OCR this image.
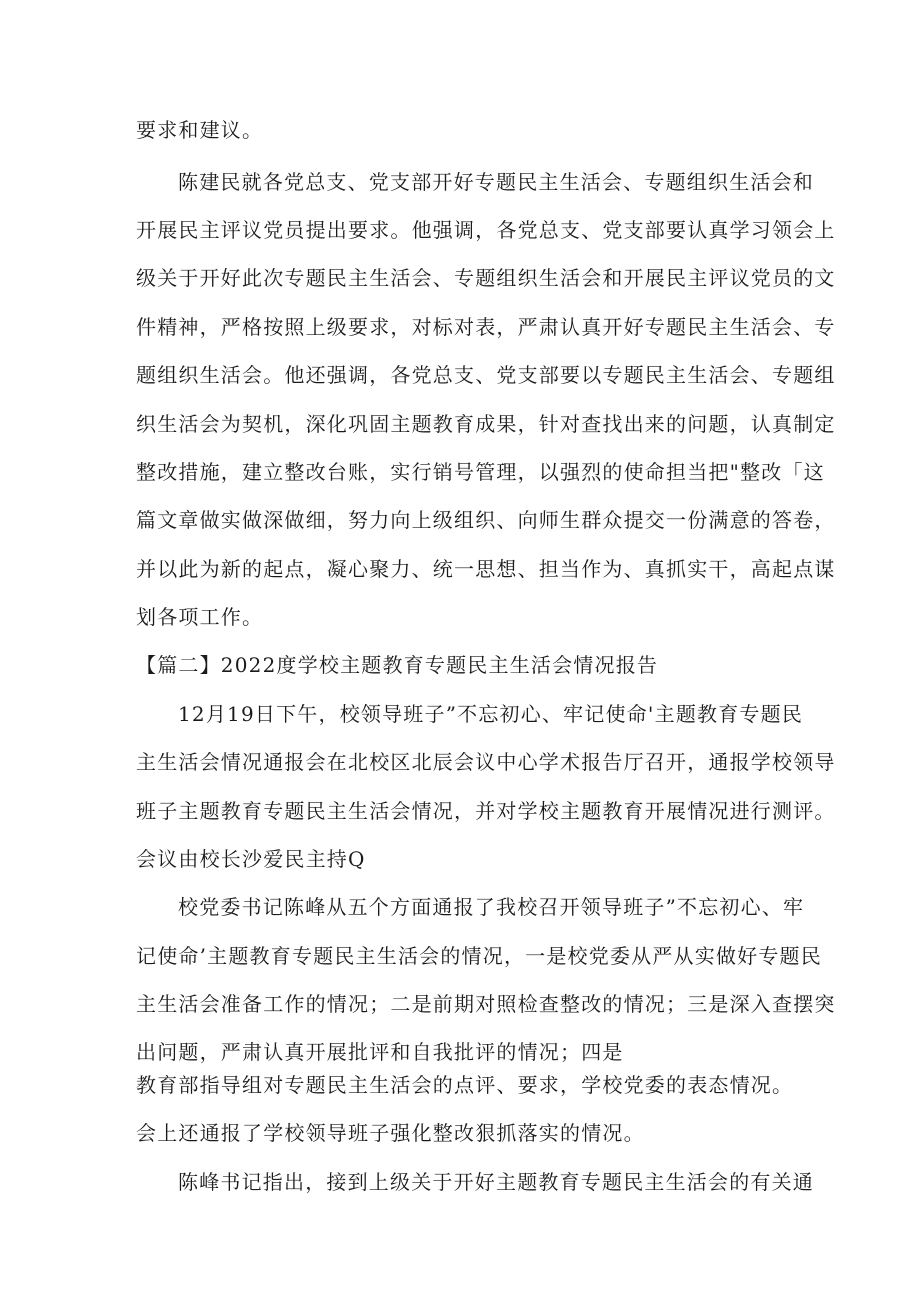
要求和建议。
陈建民就各党总支、党支部开好专题民主生活会、专题组织生活会和
开展民主评议党员提出要求。他强调，各党总支、党支部要认真学习领会上
级关于开好此次专题民主生活会、专题组织生活会和开展民主评议党员的文
件精神，严格按照上级要求，对标对表，严肃认真开好专题民主生活会、专
题组织生活会。他还强调，各党总支、党支部要以专题民主生活会、专题组
织生活会为契机，深化巩固主题教育成果，针对查找出来的问题，认真制定
整改措施，建立整改台账，实行销号管理，以强烈的使命担当把"整改「这
篇文章做实做深做细，努力向上级组织、向师生群众提交一份满意的答卷，
并以此为新的起点，凝心聚力、统一思想、担当作为、真抓实干，高起点谋
划各项工作。
【篇二】2022度学校主题教育专题民主生活会情况报告
12月19日下午，校领导班子”不忘初心、牢记使命'主题教育专题民
主生活会情况通报会在北校区北辰会议中心学术报告厅召开，通报学校领导
班子主题教育专题民主生活会情况，并对学校主题教育开展情况进行测评。
会议由校长沙爱民主持Q
校党委书记陈峰从五个方面通报了我校召开领导班子”不忘初心、牢
记使命’主题教育专题民主生活会的情况，一是校党委从严从实做好专题民
主生活会准备工作的情况；二是前期对照检查整改的情况；三是深入查摆突
出问题，严肃认真开展批评和自我批评的情况；四是
教育部指导组对专题民主生活会的点评、要求，学校党委的表态情况。
会上还通报了学校领导班子强化整改狠抓落实的情况。
陈峰书记指出，接到上级关于开好主题教育专题民主生活会的有关通
